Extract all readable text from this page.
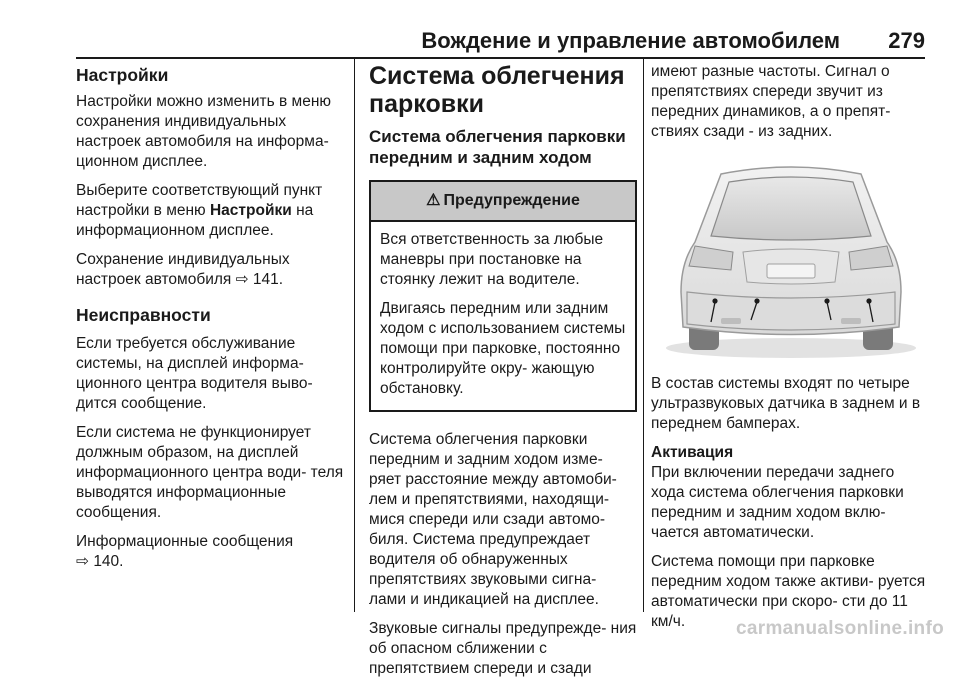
Вождение и управление автомобилем 279
Настройки

Настройки можно изменить в меню сохранения индивидуальных настроек автомобиля на информа- ционном дисплее.

Выберите соответствующий пункт настройки в меню Настройки на информационном дисплее.

Сохранение индивидуальных настроек автомобиля ⇨ 141.

Неисправности

Если требуется обслуживание системы, на дисплей информа- ционного центра водителя выво- дится сообщение.

Если система не функционирует должным образом, на дисплей информационного центра води- теля выводятся информационные сообщения.

Информационные сообщения
⇨ 140.

Система облегчения парковки
Система облегчения парковки передним и задним ходом
⚠ Предупреждение

Вся ответственность за любые маневры при постановке на стоянку лежит на водителе.

Двигаясь передним или задним ходом с использованием системы помощи при парковке, постоянно контролируйте окру- жающую обстановку.

Система облегчения парковки передним и задним ходом изме- ряет расстояние между автомоби- лем и препятствиями, находящи- мися спереди или сзади автомо- биля. Система предупреждает водителя об обнаруженных препятствиях звуковыми сигна- лами и индикацией на дисплее.

Звуковые сигналы предупрежде- ния об опасном сближении с препятствием спереди и сзади

имеют разные частоты. Сигнал о препятствиях спереди звучит из передних динамиков, а о препят- ствиях сзади - из задних.

В состав системы входят по четыре ультразвуковых датчика в заднем и в переднем бамперах.

Активация

При включении передачи заднего хода система облегчения парковки передним и задним ходом вклю- чается автоматически.

Система помощи при парковке передним ходом также активи- руется автоматически при скоро- сти до 11 км/ч.	carmanualsonline.info
